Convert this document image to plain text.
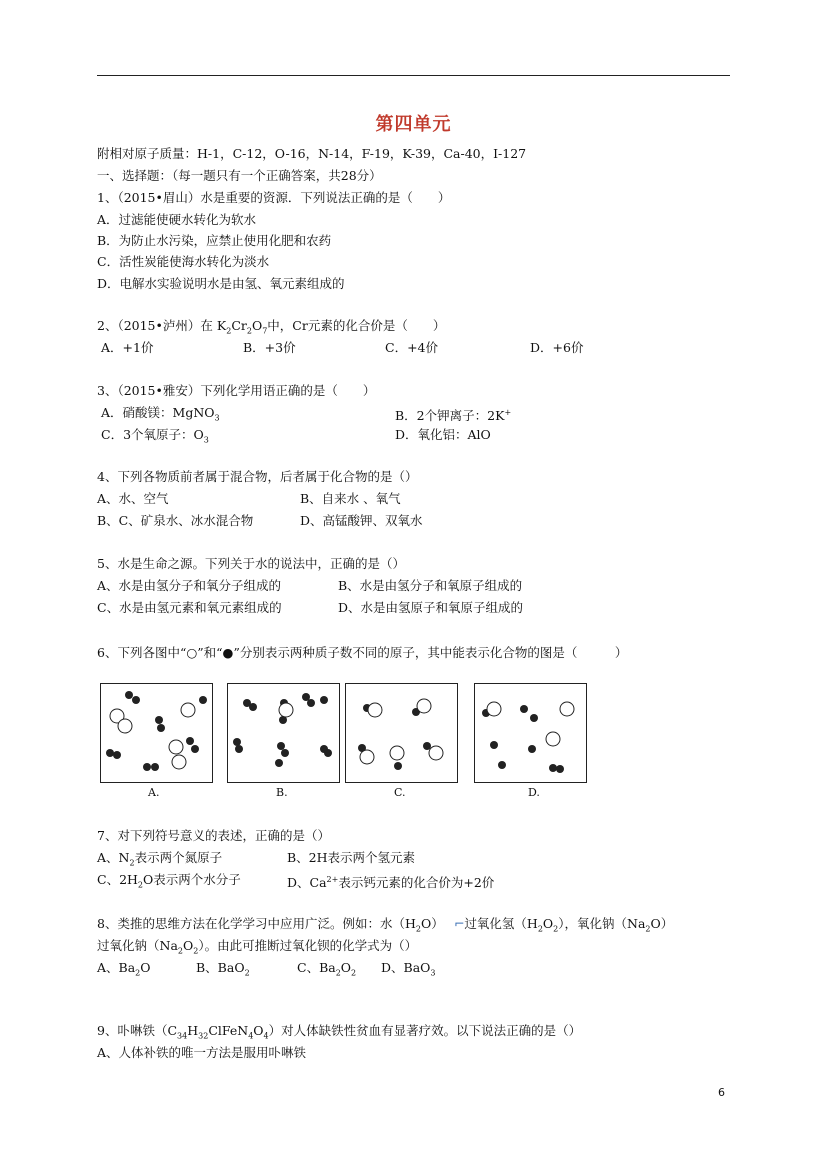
第四单元
附相对原子质量：H-1，C-12，O-16，N-14，F-19，K-39，Ca-40，I-127
一、选择题：（每一题只有一个正确答案，共28分）
1、（2015•眉山）水是重要的资源．下列说法正确的是（　　）
A．过滤能使硬水转化为软水
B．为防止水污染，应禁止使用化肥和农药
C．活性炭能使海水转化为淡水
D．电解水实验说明水是由氢、氧元素组成的
2、（2015•泸州）在 $K_2Cr_2O_7$中，Cr元素的化合价是（　　）
A．+1价	B．+3价	C．+4价	D．+6价
3、（2015•雅安）下列化学用语正确的是（　　）
A．硝酸镁：MgNO$_3$	B．2个钾离子：2K+
C．3个氧原子：$O_3$	D．氧化铝：AlO
4、下列各物质前者属于混合物，后者属于化合物的是（）
A、水、空气	B、自来水 、氧气
B、C、矿泉水、冰水混合物	D、高锰酸钾、双氧水
5、水是生命之源。下列关于水的说法中，正确的是（）
A、水是由氢分子和氧分子组成的	B、水是由氢分子和氧原子组成的
C、水是由氢元素和氧元素组成的	D、水是由氢原子和氧原子组成的
6、下列各图中“○”和“●”分别表示两种质子数不同的原子，其中能表示化合物的图是（　　　）
A.	B.	C.	D.
7、对下列符号意义的表述，正确的是（）
A、$N_2$表示两个氮原子	B、2H表示两个氢元素
C、$2H_2O$表示两个水分子	D、$Ca^{2+}$表示钙元素的化合价为+2价
8、类推的思维方法在化学学习中应用广泛。例如：水$(H_2O)$　 ⌐过氧化氢$(H_2O_2)$，氧化钠$(Na_2O)$
过氧化钠$(Na_2O_2)$。由此可推断过氧化钡的化学式为（）
A、$Ba_2O$	B、BaO$_2$	C、$Ba_2O_2$ D、BaO$_3$
9、卟啉铁$(C_{34}H_{32}ClFeN_4O_4)$对人体缺铁性贫血有显著疗效。以下说法正确的是（）
A、人体补铁的唯一方法是服用卟啉铁
6
